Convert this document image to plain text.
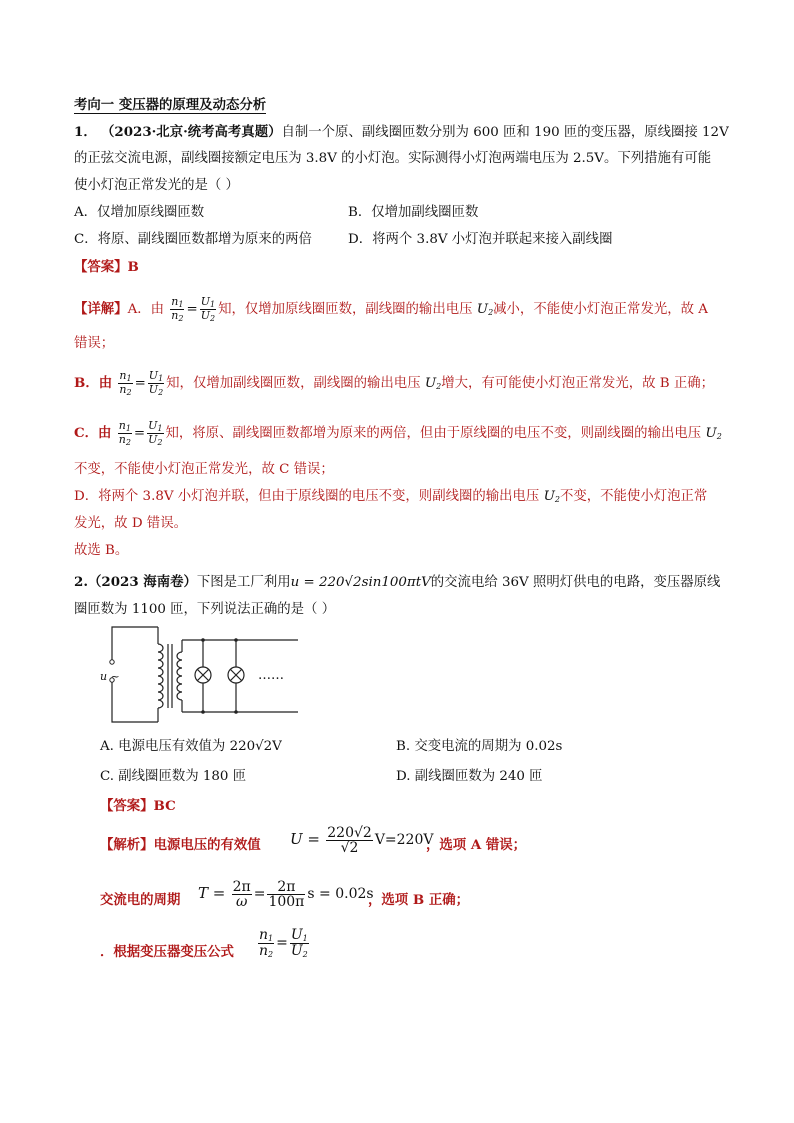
考向一 变压器的原理及动态分析
1． （2023·北京·统考高考真题）自制一个原、副线圈匝数分别为 600 匝和 190 匝的变压器，原线圈接 12V
的正弦交流电源，副线圈接额定电压为 3.8V 的小灯泡。实际测得小灯泡两端电压为 2.5V。下列措施有可能
使小灯泡正常发光的是（ ）
A．仅增加原线圈匝数	B．仅增加副线圈匝数
C．将原、副线圈匝数都增为原来的两倍	D．将两个 3.8V 小灯泡并联起来接入副线圈
【答案】B
【详解】A．由 $\frac{n_1}{n_2} = \frac{U_1}{U_2}$ 知，仅增加原线圈匝数，副线圈的输出电压 $U_2$减小，不能使小灯泡正常发光，故 A
错误；
B．由 $\frac{n_1}{n_2} = \frac{U_1}{U_2}$ 知，仅增加副线圈匝数，副线圈的输出电压 $U_2$增大，有可能使小灯泡正常发光，故 B 正确；
C．由 $\frac{n_1}{n_2} = \frac{U_1}{U_2}$ 知，将原、副线圈匝数都增为原来的两倍，但由于原线圈的电压不变，则副线圈的输出电压 $U_2$
不变，不能使小灯泡正常发光，故 C 错误；
D．将两个 3.8V 小灯泡并联，但由于原线圈的电压不变，则副线圈的输出电压 $U_2$不变，不能使小灯泡正常
发光，故 D 错误。
故选 B。
2.（2023 海南卷）下图是工厂利用u = 220√2sin100πtV的交流电给 36V 照明灯供电的电路，变压器原线
圈匝数为 1100 匝，下列说法正确的是（ ）
u ~	……
A. 电源电压有效值为 220√2V	B. 交变电流的周期为 0.02s
C. 副线圈匝数为 180 匝	D. 副线圈匝数为 240 匝
【答案】BC
【解析】电源电压的有效值 $U = \frac{220√2}{√2} V=220V$
，选项 A 错误；
交流电的周期 $T = \frac{2\pi}{\omega} = \frac{2\pi}{100\pi}$ s = 0.02s
，选项 B 正确；
．根据变压器变压公式 $\frac{n_1}{n_2} = \frac{U_1}{U_2}$
